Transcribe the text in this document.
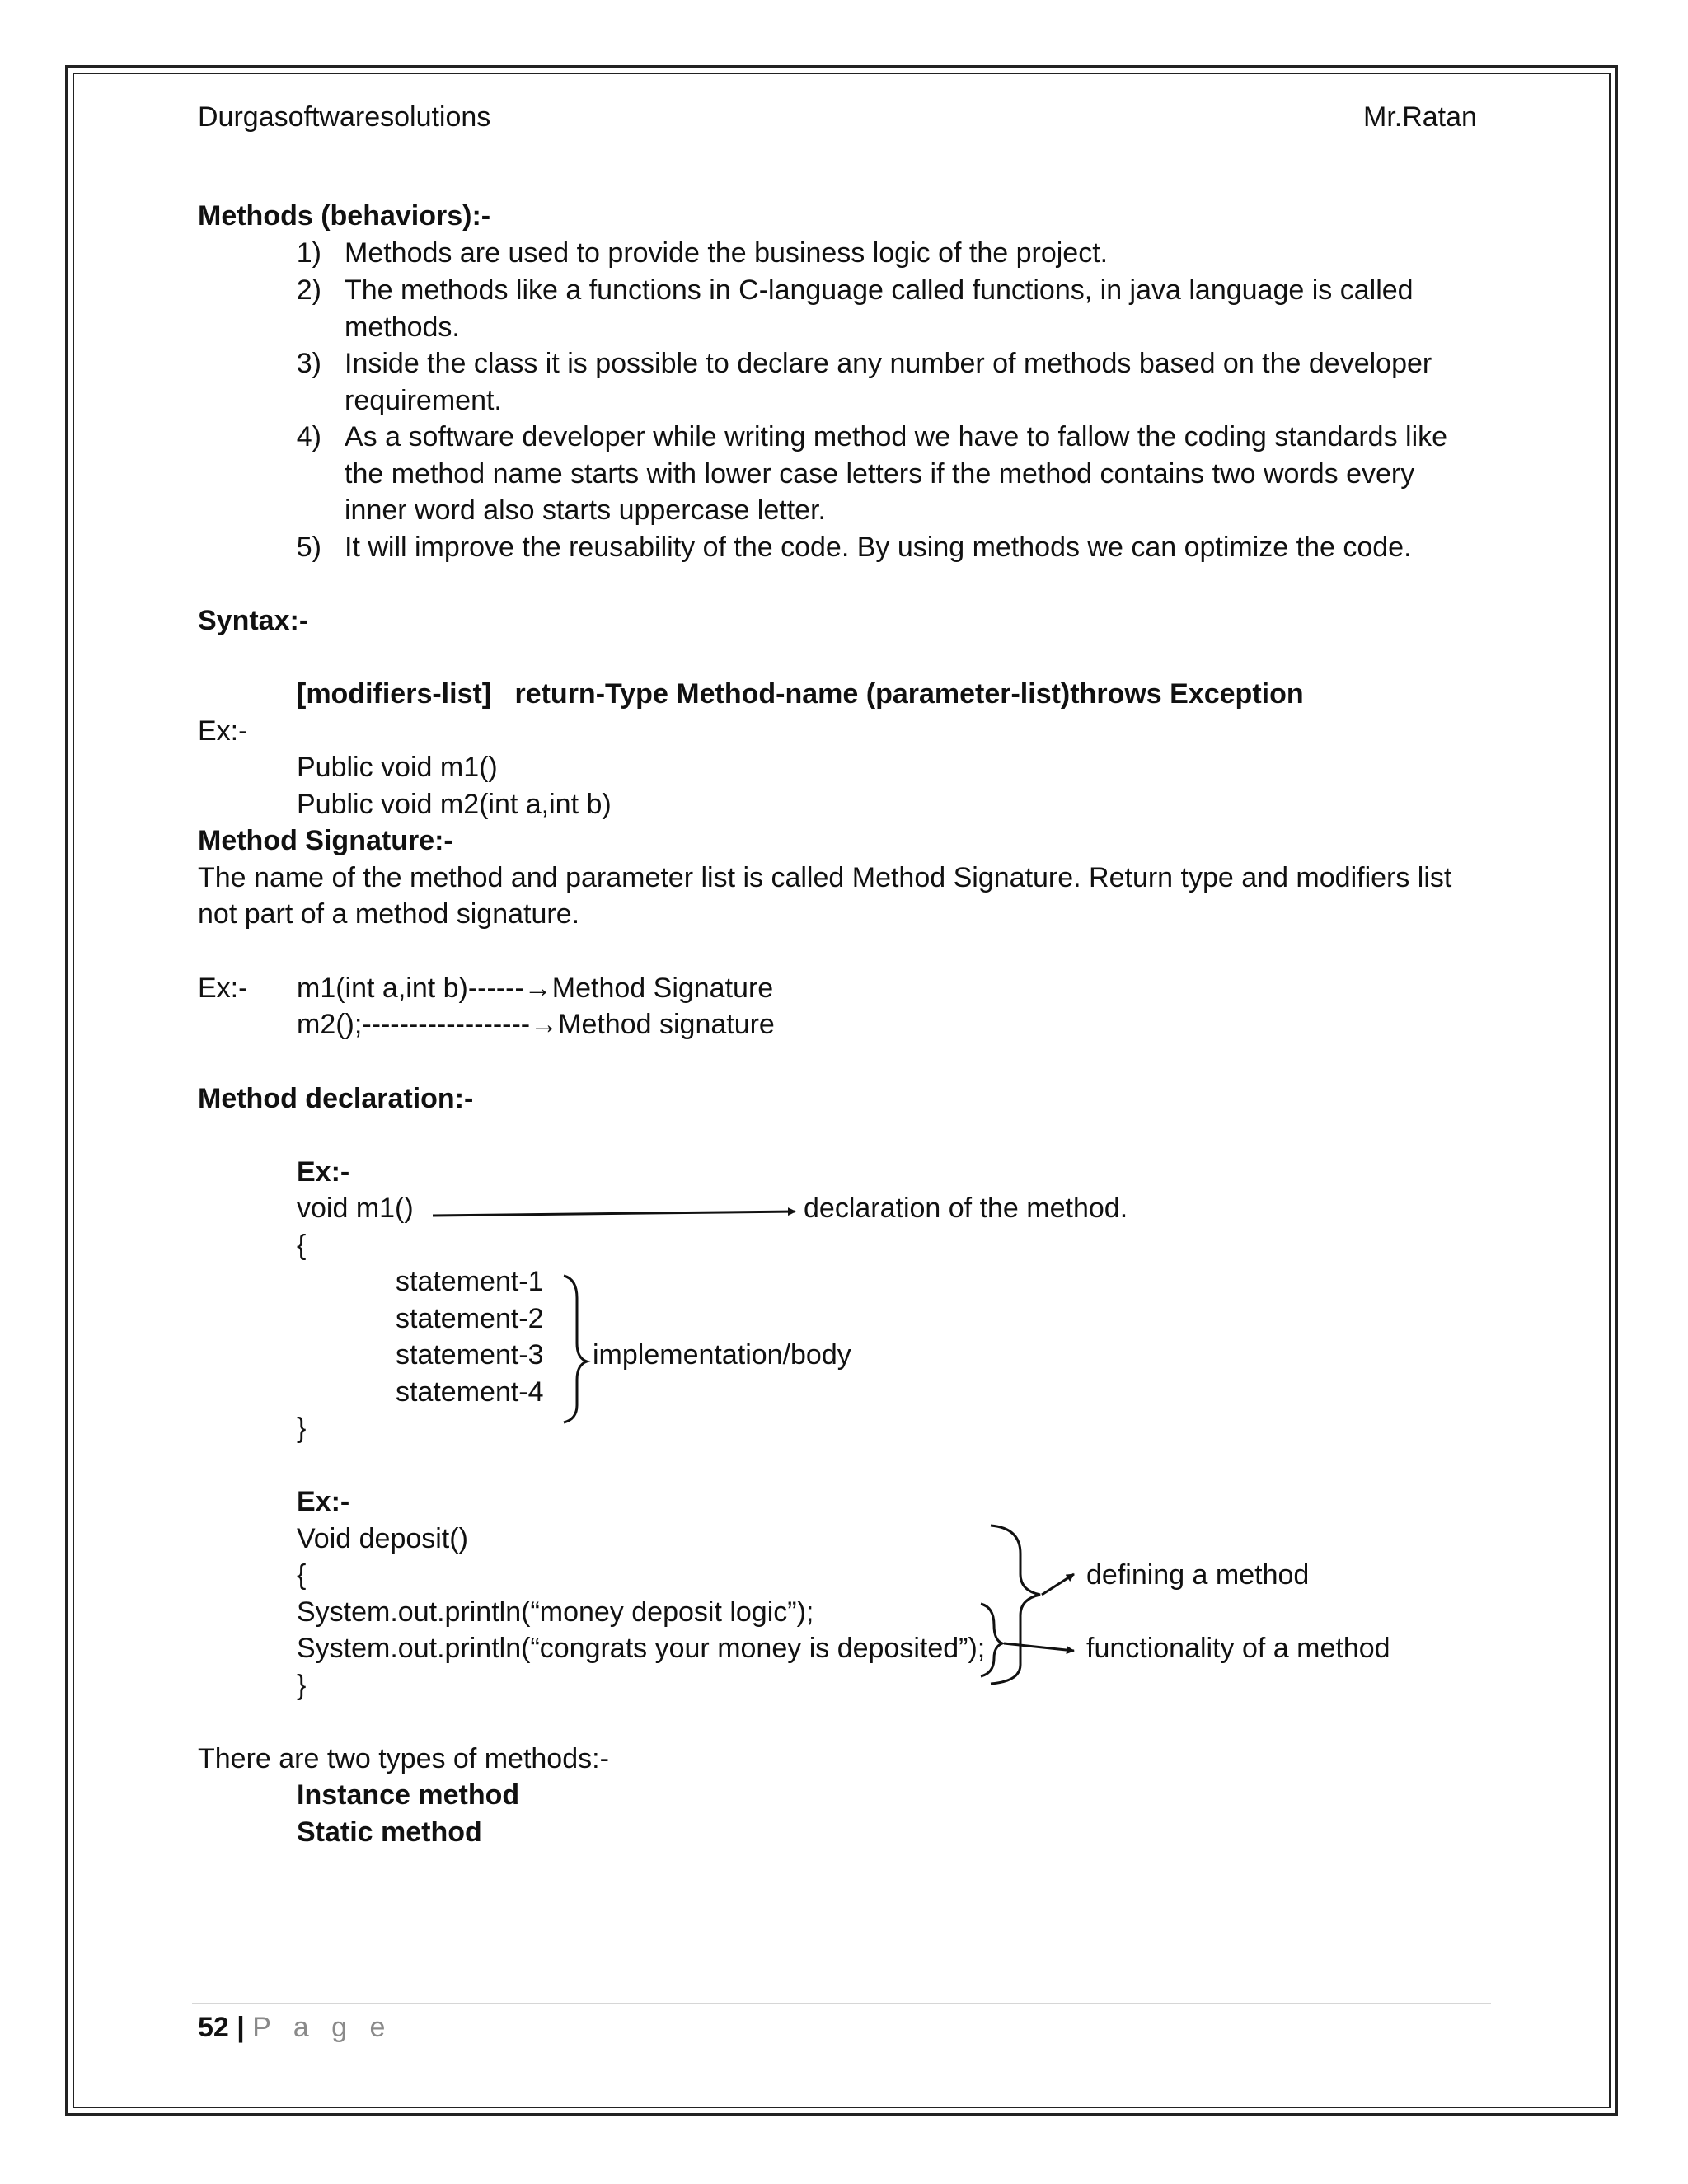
Durgasoftwaresolutions	Mr.Ratan
Methods (behaviors):-
1) Methods are used to provide the business logic of the project.
2) The methods like a functions in C-language called functions, in java language is called methods.
3) Inside the class it is possible to declare any number of methods based on the developer requirement.
4) As a software developer while writing method we have to fallow the coding standards like the method name starts with lower case letters if the method contains two words every inner word also starts uppercase letter.
5) It will improve the reusability of the code. By using methods we can optimize the code.
Syntax:-
[modifiers-list]   return-Type Method-name (parameter-list)throws Exception
Ex:-
Public void m1()
Public void m2(int a,int b)
Method Signature:-
The name of the method and parameter list is called Method Signature. Return type and modifiers list
not part of a method signature.
Ex:- m1(int a,int b)------→Method Signature
m2();------------------→Method signature
Method declaration:-
Ex:-
void m1()	declaration of the method.
{
statement-1
statement-2
statement-3
statement-4
implementation/body
}
Ex:-
Void deposit()
{
System.out.println(“money deposit logic”);
System.out.println(“congrats your money is deposited”);
}
defining a method
functionality of a method
There are two types of methods:-
Instance method
Static method
52 | P a g e
